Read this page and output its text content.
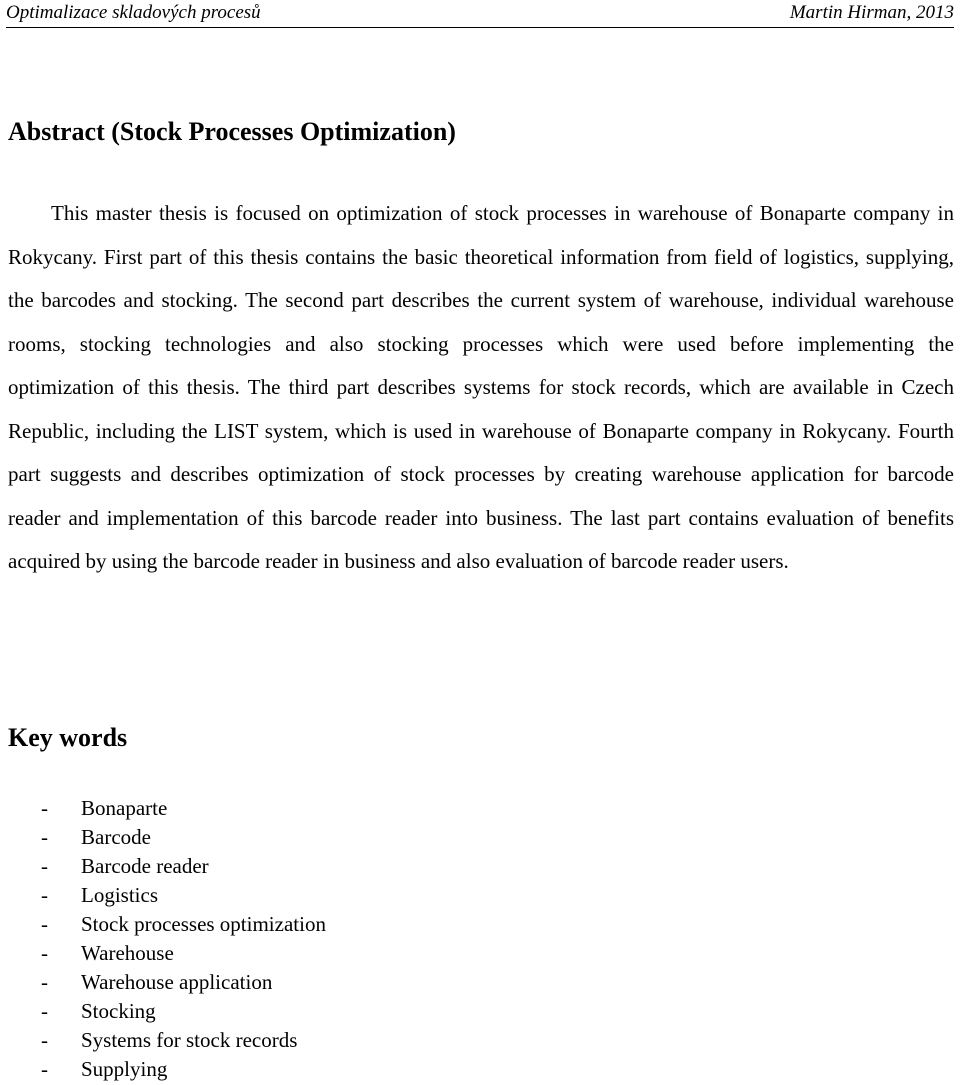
Optimalizace skladových procesů	Martin Hirman, 2013
Abstract (Stock Processes Optimization)

This master thesis is focused on optimization of stock processes in warehouse of Bonaparte company in Rokycany. First part of this thesis contains the basic theoretical information from field of logistics, supplying, the barcodes and stocking. The second part describes the current system of warehouse, individual warehouse rooms, stocking technologies and also stocking processes which were used before implementing the optimization of this thesis. The third part describes systems for stock records, which are available in Czech Republic, including the LIST system, which is used in warehouse of Bonaparte company in Rokycany. Fourth part suggests and describes optimization of stock processes by creating warehouse application for barcode reader and implementation of this barcode reader into business. The last part contains evaluation of benefits acquired by using the barcode reader in business and also evaluation of barcode reader users.

Key words
- Bonaparte
- Barcode
- Barcode reader
- Logistics
- Stock processes optimization
- Warehouse
- Warehouse application
- Stocking
- Systems for stock records
- Supplying
